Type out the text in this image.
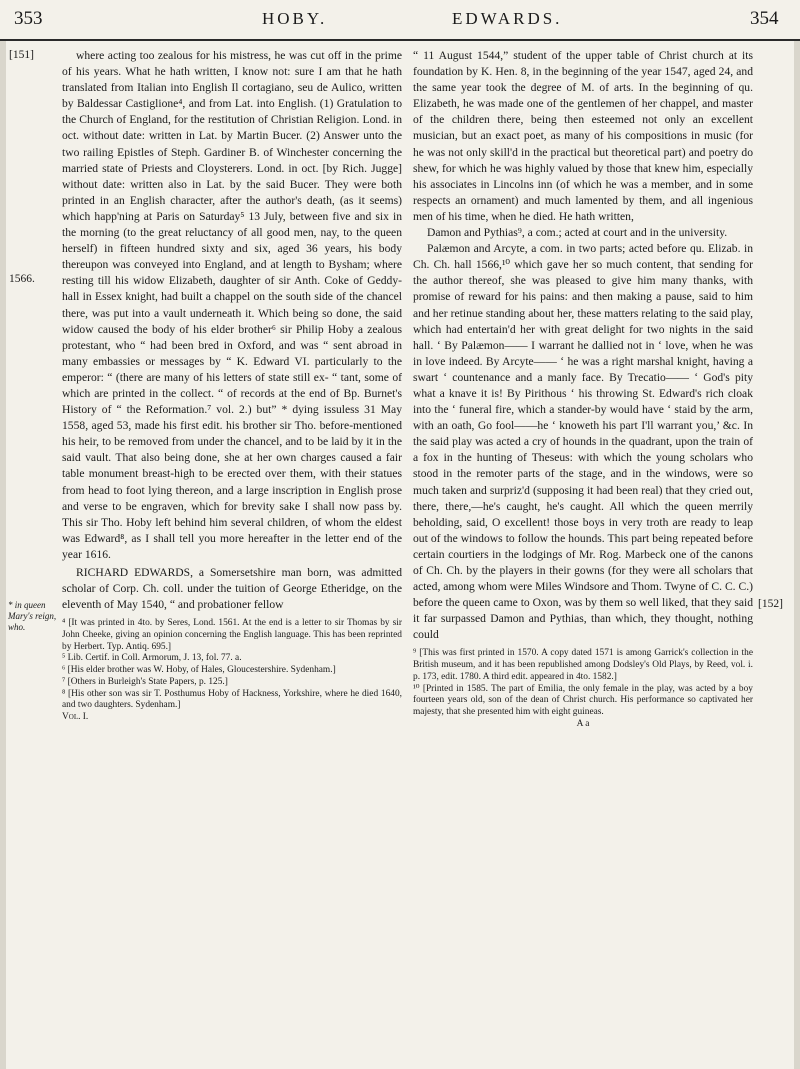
353	HOBY.	EDWARDS.	354
[151]
1566.
* in queen Mary's reign, who.
[152]

where acting too zealous for his mistress, he was cut off in the prime of his years. What he hath written, I know not: sure I am that he hath translated from Italian into English Il cortagiano, seu de Aulico, written by Baldessar Castiglione⁴, and from Lat. into English. (1) Gratulation to the Church of England, for the restitution of Christian Religion. Lond. in oct. without date: written in Lat. by Martin Bucer. (2) Answer unto the two railing Epistles of Steph. Gardiner B. of Winchester concerning the married state of Priests and Cloysterers. Lond. in oct. [by Rich. Jugge] without date: written also in Lat. by the said Bucer. They were both printed in an English character, after the author's death, (as it seems) which happ'ning at Paris on Saturday⁵ 13 July, between five and six in the morning (to the great reluctancy of all good men, nay, to the queen herself) in fifteen hundred sixty and six, aged 36 years, his body thereupon was conveyed into England, and at length to Bysham; where resting till his widow Elizabeth, daughter of sir Anth. Coke of Geddy-hall in Essex knight, had built a chappel on the south side of the chancel there, was put into a vault underneath it. Which being so done, the said widow caused the body of his elder brother⁶ sir Philip Hoby a zealous protestant, who “ had been bred in Oxford, and was “ sent abroad in many embassies or messages by “ K. Edward VI. particularly to the emperor: “ (there are many of his letters of state still ex- “ tant, some of which are printed in the collect. “ of records at the end of Bp. Burnet's History of “ the Reformation.⁷ vol. 2.) but” * dying issuless 31 May 1558, aged 53, made his first edit. his brother sir Tho. before-mentioned his heir, to be removed from under the chancel, and to be laid by it in the said vault. That also being done, she at her own charges caused a fair table monument breast-high to be erected over them, with their statues from head to foot lying thereon, and a large inscription in English prose and verse to be engraven, which for brevity sake I shall now pass by. This sir Tho. Hoby left behind him several children, of whom the eldest was Edward⁸, as I shall tell you more hereafter in the letter end of the year 1616.

RICHARD EDWARDS, a Somersetshire man born, was admitted scholar of Corp. Ch. coll. under the tuition of George Etheridge, on the eleventh of May 1540, “ and probationer fellow

⁴ [It was printed in 4to. by Seres, Lond. 1561. At the end is a letter to sir Thomas by sir John Cheeke, giving an opinion concerning the English language. This has been reprinted by Herbert. Typ. Antiq. 695.]

⁵ Lib. Certif. in Coll. Armorum, J. 13, fol. 77. a.

⁶ [His elder brother was W. Hoby, of Hales, Gloucestershire. Sydenham.]

⁷ [Others in Burleigh's State Papers, p. 125.]

⁸ [His other son was sir T. Posthumus Hoby of Hackness, Yorkshire, where he died 1640, and two daughters. Sydenham.]

Vol. I.

“ 11 August 1544,” student of the upper table of Christ church at its foundation by K. Hen. 8, in the beginning of the year 1547, aged 24, and the same year took the degree of M. of arts. In the beginning of qu. Elizabeth, he was made one of the gentlemen of her chappel, and master of the children there, being then esteemed not only an excellent musician, but an exact poet, as many of his compositions in music (for he was not only skill'd in the practical but theoretical part) and poetry do shew, for which he was highly valued by those that knew him, especially his associates in Lincolns inn (of which he was a member, and in some respects an ornament) and much lamented by them, and all ingenious men of his time, when he died. He hath written,

Damon and Pythias⁹, a com.; acted at court and in the university.

Palæmon and Arcyte, a com. in two parts; acted before qu. Elizab. in Ch. Ch. hall 1566,¹⁰ which gave her so much content, that sending for the author thereof, she was pleased to give him many thanks, with promise of reward for his pains: and then making a pause, said to him and her retinue standing about her, these matters relating to the said play, which had entertain'd her with great delight for two nights in the said hall. ‘ By Palæmon—— I warrant he dallied not in ‘ love, when he was in love indeed. By Arcyte—— ‘ he was a right marshal knight, having a swart ‘ countenance and a manly face. By Trecatio—— ‘ God's pity what a knave it is! By Pirithous ‘ his throwing St. Edward's rich cloak into the ‘ funeral fire, which a stander-by would have ‘ staid by the arm, with an oath, Go fool——he ‘ knoweth his part I'll warrant you,’ &c. In the said play was acted a cry of hounds in the quadrant, upon the train of a fox in the hunting of Theseus: with which the young scholars who stood in the remoter parts of the stage, and in the windows, were so much taken and surpriz'd (supposing it had been real) that they cried out, there, there,—he's caught, he's caught. All which the queen merrily beholding, said, O excellent! those boys in very troth are ready to leap out of the windows to follow the hounds. This part being repeated before certain courtiers in the lodgings of Mr. Rog. Marbeck one of the canons of Ch. Ch. by the players in their gowns (for they were all scholars that acted, among whom were Miles Windsore and Thom. Twyne of C. C. C.) before the queen came to Oxon, was by them so well liked, that they said it far surpassed Damon and Pythias, than which, they thought, nothing could

⁹ [This was first printed in 1570. A copy dated 1571 is among Garrick's collection in the British museum, and it has been republished among Dodsley's Old Plays, by Reed, vol. i. p. 173, edit. 1780. A third edit. appeared in 4to. 1582.]

¹⁰ [Printed in 1585. The part of Emilia, the only female in the play, was acted by a boy fourteen years old, son of the dean of Christ church. His performance so captivated her majesty, that she presented him with eight guineas.

A a
